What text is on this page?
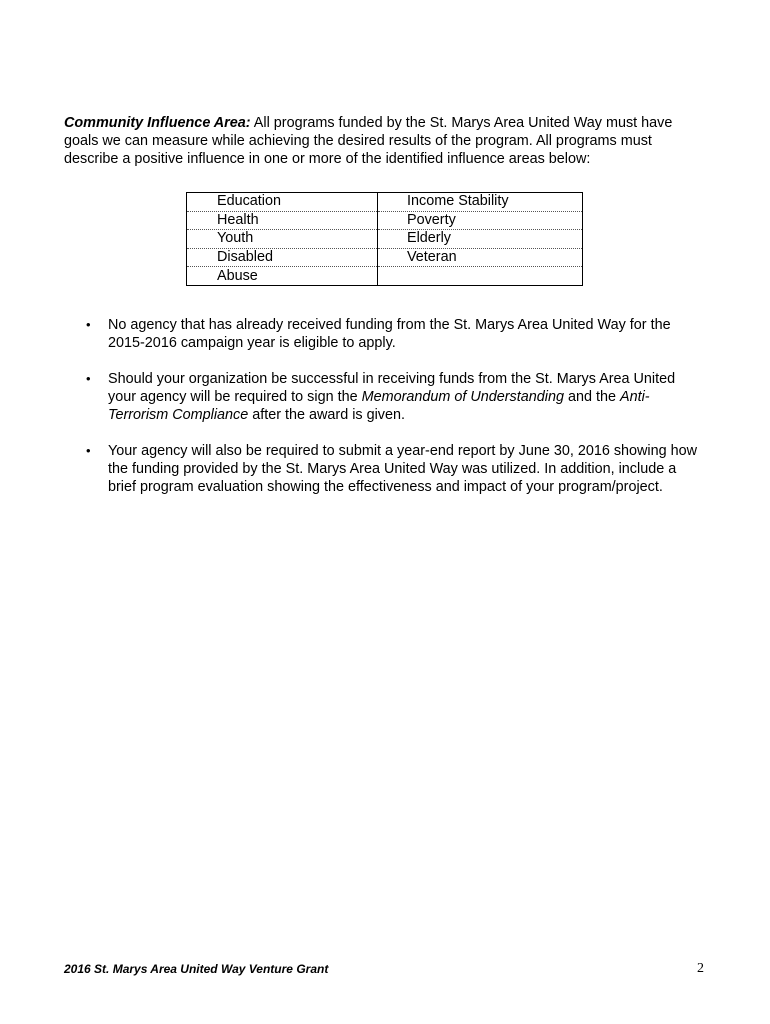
Community Influence Area: All programs funded by the St. Marys Area United Way must have goals we can measure while achieving the desired results of the program. All programs must describe a positive influence in one or more of the identified influence areas below:

Education	Income Stability
Health	Poverty
Youth	Elderly
Disabled	Veteran
Abuse	
• No agency that has already received funding from the St. Marys Area United Way for the 2015-2016 campaign year is eligible to apply.
• Should your organization be successful in receiving funds from the St. Marys Area United your agency will be required to sign the Memorandum of Understanding and the Anti-Terrorism Compliance after the award is given.
• Your agency will also be required to submit a year-end report by June 30, 2016 showing how the funding provided by the St. Marys Area United Way was utilized. In addition, include a brief program evaluation showing the effectiveness and impact of your program/project.
2016 St. Marys Area United Way Venture Grant	2
